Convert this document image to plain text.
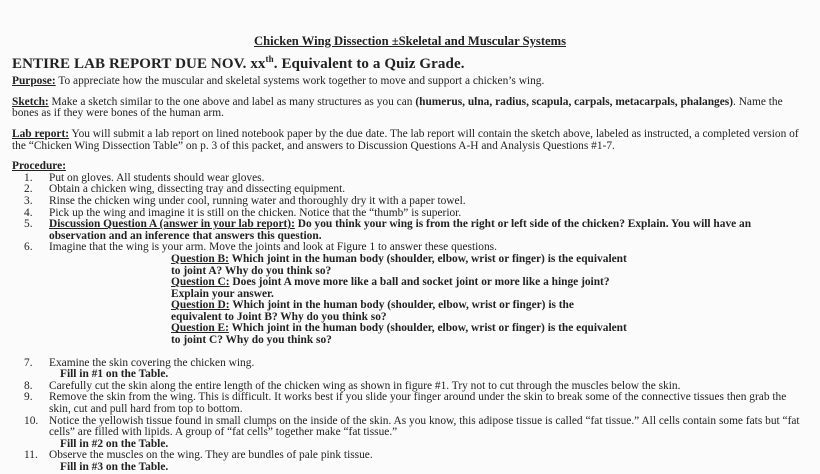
Chicken Wing Dissection ±Skeletal and Muscular Systems
ENTIRE LAB REPORT DUE NOV. $xx^{th}$. Equivalent to a Quiz Grade.

Purpose: To appreciate how the muscular and skeletal systems work together to move and support a chicken’s wing.

Sketch: Make a sketch similar to the one above and label as many structures as you can (humerus, ulna, radius, scapula, carpals, metacarpals, phalanges). Name the bones as if they were bones of the human arm.

Lab report: You will submit a lab report on lined notebook paper by the due date. The lab report will contain the sketch above, labeled as instructed, a completed version of the “Chicken Wing Dissection Table” on p. 3 of this packet, and answers to Discussion Questions A-H and Analysis Questions #1-7.

Procedure:
1. Put on gloves. All students should wear gloves.
2. Obtain a chicken wing, dissecting tray and dissecting equipment.
3. Rinse the chicken wing under cool, running water and thoroughly dry it with a paper towel.
4. Pick up the wing and imagine it is still on the chicken. Notice that the “thumb” is superior.
5. Discussion Question A (answer in your lab report): Do you think your wing is from the right or left side of the chicken? Explain. You will have an observation and an inference that answers this question.
6. Imagine that the wing is your arm. Move the joints and look at Figure 1 to answer these questions.
Question B: Which joint in the human body (shoulder, elbow, wrist or finger) is the equivalent
to joint A? Why do you think so?
Question C: Does joint A move more like a ball and socket joint or more like a hinge joint?
Explain your answer.
Question D: Which joint in the human body (shoulder, elbow, wrist or finger) is the
equivalent to Joint B? Why do you think so?
Question E: Which joint in the human body (shoulder, elbow, wrist or finger) is the equivalent
to joint C? Why do you think so?
7. Examine the skin covering the chicken wing.
Fill in #1 on the Table.
8. Carefully cut the skin along the entire length of the chicken wing as shown in figure #1. Try not to cut through the muscles below the skin.
9. Remove the skin from the wing. This is difficult. It works best if you slide your finger around under the skin to break some of the connective tissues then grab the skin, cut and pull hard from top to bottom.
10. Notice the yellowish tissue found in small clumps on the inside of the skin. As you know, this adipose tissue is called “fat tissue.” All cells contain some fats but “fat cells” are filled with lipids. A group of “fat cells” together make “fat tissue.”
Fill in #2 on the Table.
11. Observe the muscles on the wing. They are bundles of pale pink tissue.
Fill in #3 on the Table.
